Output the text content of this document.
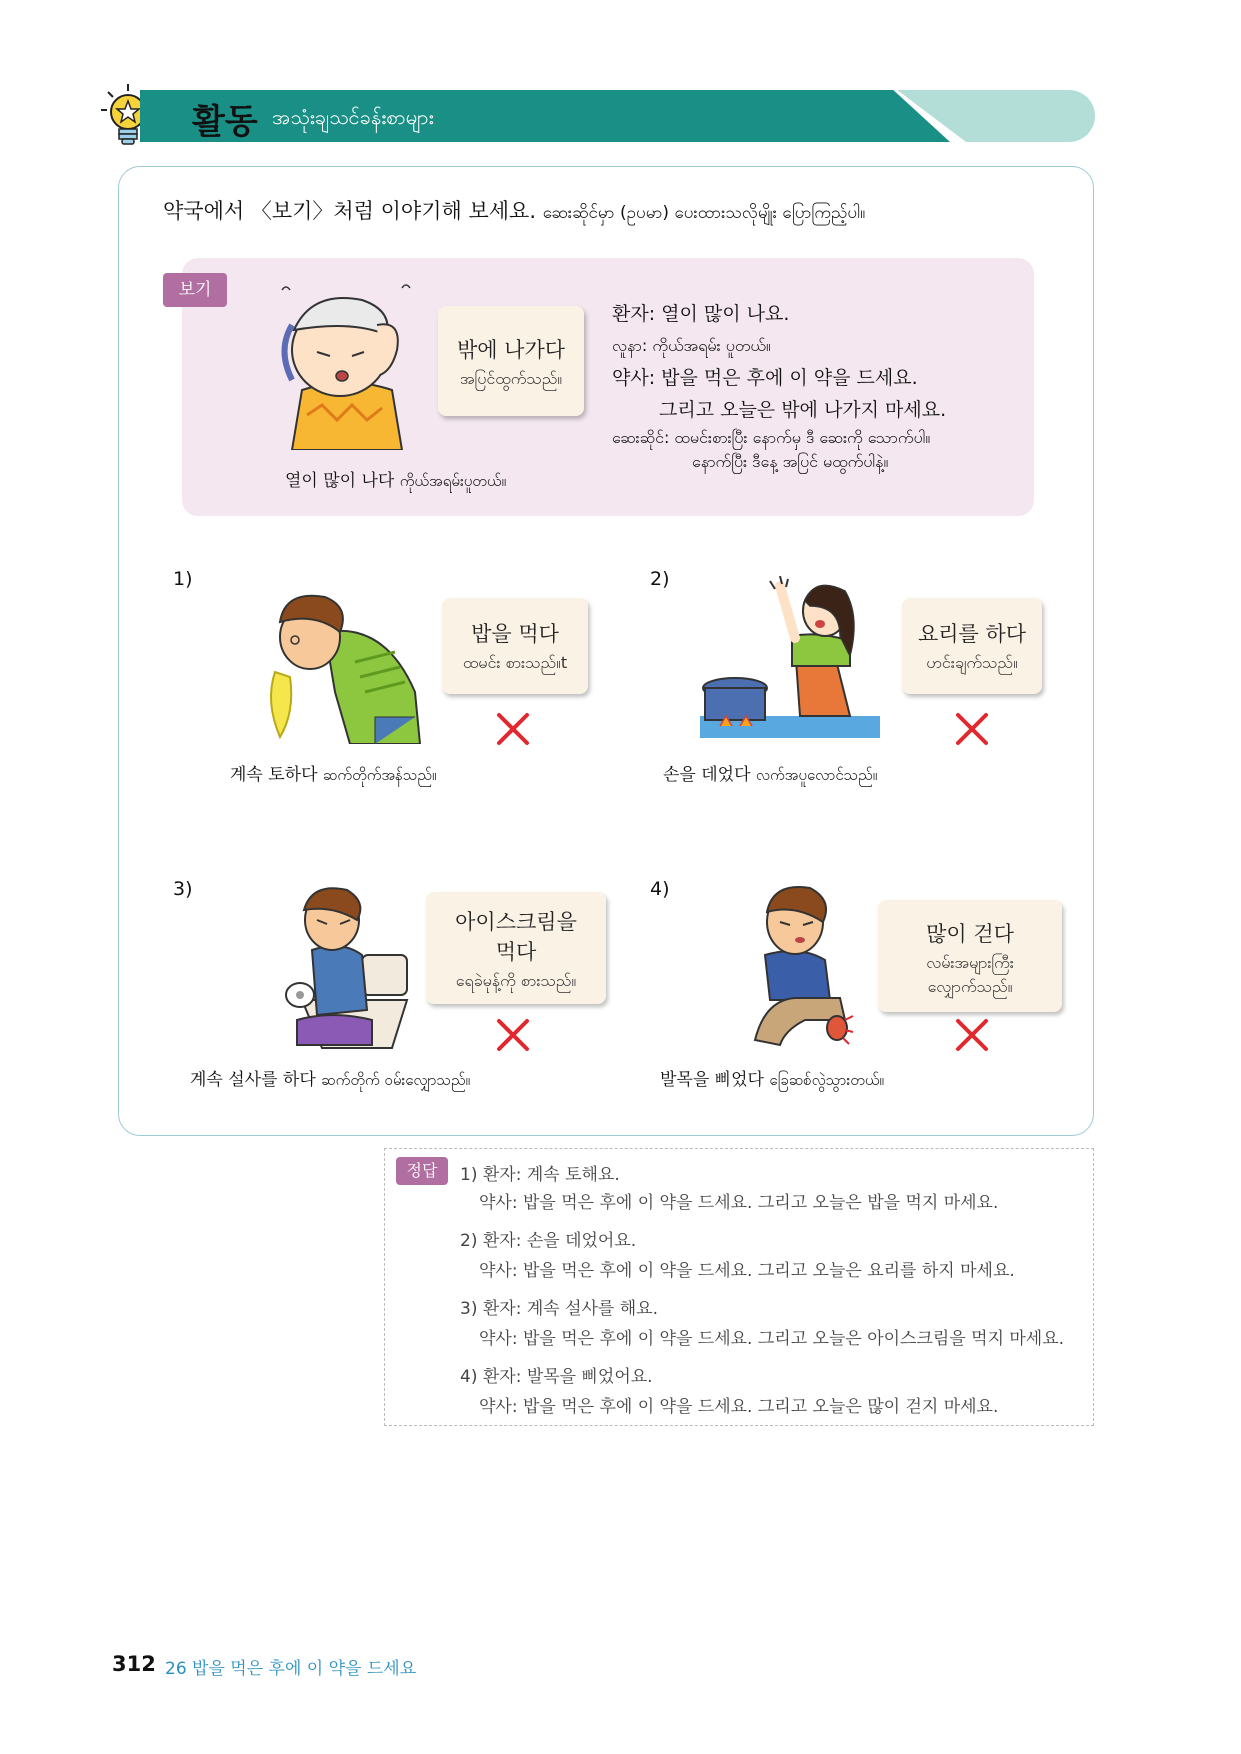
활동 အသုံးချသင်ခန်းစာများ
약국에서 〈보기〉처럼 이야기해 보세요. ဆေးဆိုင်မှာ (ဥပမာ) ပေးထားသလိုမျိုး ပြောကြည့်ပါ။
보기
밖에 나가다
အပြင်ထွက်သည်။
열이 많이 나다 ကိုယ်အရမ်းပူတယ်။
환자: 열이 많이 나요.
လူနာ: ကိုယ်အရမ်း ပူတယ်။
약사: 밥을 먹은 후에 이 약을 드세요.
그리고 오늘은 밖에 나가지 마세요.
ဆေးဆိုင်: ထမင်းစားပြီး နောက်မှ ဒီ ဆေးကို သောက်ပါ။
နောက်ပြီး ဒီနေ့ အပြင် မထွက်ပါနဲ့။
1)
밥을 먹다
ထမင်း စားသည်။t
계속 토하다 ဆက်တိုက်အန်သည်။
2)
요리를 하다
ဟင်းချက်သည်။
손을 데었다 လက်အပူလောင်သည်။
3)
아이스크림을
먹다
ရေခဲမုန့်ကို စားသည်။
계속 설사를 하다 ဆက်တိုက် ဝမ်းလျှောသည်။
4)
많이 걷다
လမ်းအများကြီး
လျှောက်သည်။
발목을 삐었다 ခြေဆစ်လွဲသွားတယ်။
정답	1) 환자: 계속 토해요.
약사: 밥을 먹은 후에 이 약을 드세요. 그리고 오늘은 밥을 먹지 마세요.
2) 환자: 손을 데었어요.
약사: 밥을 먹은 후에 이 약을 드세요. 그리고 오늘은 요리를 하지 마세요.
3) 환자: 계속 설사를 해요.
약사: 밥을 먹은 후에 이 약을 드세요. 그리고 오늘은 아이스크림을 먹지 마세요.
4) 환자: 발목을 삐었어요.
약사: 밥을 먹은 후에 이 약을 드세요. 그리고 오늘은 많이 걷지 마세요.
312 26 밥을 먹은 후에 이 약을 드세요
